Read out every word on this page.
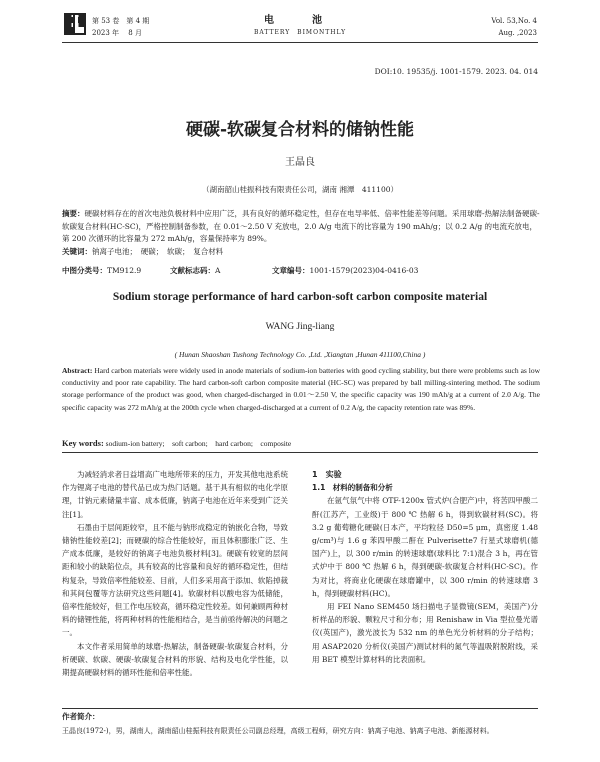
第 53 卷　第 4 期
2023 年　 8 月
电　池
BATTERY　BIMONTHLY
Vol. 53,No. 4
Aug. ,2023
DOI:10. 19535/j. 1001-1579. 2023. 04. 014
硬碳-软碳复合材料的储钠性能
王晶良
（湖南韶山桂振科技有限责任公司，湖南 湘潭　411100）
摘要：硬碳材料存在的首次电池负极材料中应用广泛，具有良好的循环稳定性，但存在电导率低、倍率性能差等问题。采用球磨-热解法制备硬碳-软碳复合材料(HC-SC)，严格控制制备参数，在 0.01～2.50 V 充放电，2.0 A/g 电流下的比容量为 190 mAh/g；以 0.2 A/g 的电流充放电，第 200 次循环的比容量为 272 mAh/g，容量保持率为 89%。
关键词：钠离子电池；　硬碳；　软碳；　复合材料
中图分类号：TM912.9	文献标志码：A	文章编号：1001-1579(2023)04-0416-03
Sodium storage performance of hard carbon-soft carbon composite material
WANG Jing-liang
( Hunan Shaoshan Tushong Technology Co. ,Ltd. ,Xiangtan ,Hunan 411100,China )
Abstract: Hard carbon materials were widely used in anode materials of sodium-ion batteries with good cycling stability, but there were problems such as low conductivity and poor rate capability. The hard carbon-soft carbon composite material (HC-SC) was prepared by ball milling-sintering method. The sodium storage performance of the product was good, when charged-discharged in 0.01～2.50 V, the specific capacity was 190 mAh/g at a current of 2.0 A/g. The specific capacity was 272 mAh/g at the 200th cycle when charged-discharged at a current of 0.2 A/g, the capacity retention rate was 89%.
Key words: sodium-ion battery;　soft carbon;　hard carbon;　composite

为减轻消求者日益增高广电地所带来的压力，开发其他电池系统作为锂离子电池的替代品已成为热门话题。基于具有相似的电化学原理，廿钠元素储量丰富、成本低廉，钠离子电池在近年来受到广泛关注[1]。

石墨由于层间距较窄，且不能与钠形成稳定的钠嵌化合物，导致储钠性能较差[2]；而硬碳的综合性能较好，而且体积膨胀广泛、生产成本低廉，是较好的钠离子电池负极材料[3]。硬碳有较宽的层间距和较小的缺陷位点，具有较高的比容量和良好的循环稳定性，但结构复杂，导致倍率性能较差、目前，人们多采用高于添加、软陷掉裁和其间包覆等方法研究这些问题[4]。软碳材料以酸电容为低储能，倍率性能较好，但工作电压较高，循环稳定性较差。如何兼顾两种材料的储锂性能，将两种材料的性能相结合，是当前亟待解决的问题之一。

本文作者采用简单的球磨-热解法，制备硬碳-软碳复合材料，分析硬碳、软碳、硬碳-软碳复合材料的形貌、结构及电化学性能，以期提高硬碳材料的循环性能和倍率性能。

1　实验

1.1　材料的制备和分析

在氩气氛气中将 OTF-1200x 管式炉(合肥产)中，将苦四甲酸二酐(江苏产，工业级)于 800 ℃ 热解 6 h，得到软碳材料(SC)。将 3.2 g 葡萄糖化硬碳(日本产，平均粒径 D50=5 μm，真密度 1.48 g/cm³)与 1.6 g 苯四甲酸二酐在 Pulverisette7 行星式球磨机(德国产)上，以 300 r/min 的转速球磨(球料比 7:1)混合 3 h，再在管式炉中于 800 ℃ 热解 6 h，得到硬碳-软碳复合材料(HC-SC)。作为对比，将商业化硬碳在球磨罐中，以 300 r/min 的转速球磨 3 h，得到硬碳材料(HC)。

用 FEI Nano SEM450 场扫描电子显微镜(SEM，美国产)分析样品的形貌、颗粒尺寸和分布；用 Renishaw in Via 型拉曼光谱仪(英国产)，激光波长为 532 nm 的单色光分析材料的分子结构；用 ASAP2020 分析仪(美国产)测试材料的氮气等温吸附脱附线，采用 BET 模型计算材料的比表面积。

作者简介：
王晶良(1972-)，男，湖南人，湖南韶山桂振科技有限责任公司副总经理，高级工程师，研究方向：钠离子电池、钠离子电池、新能源材料。
